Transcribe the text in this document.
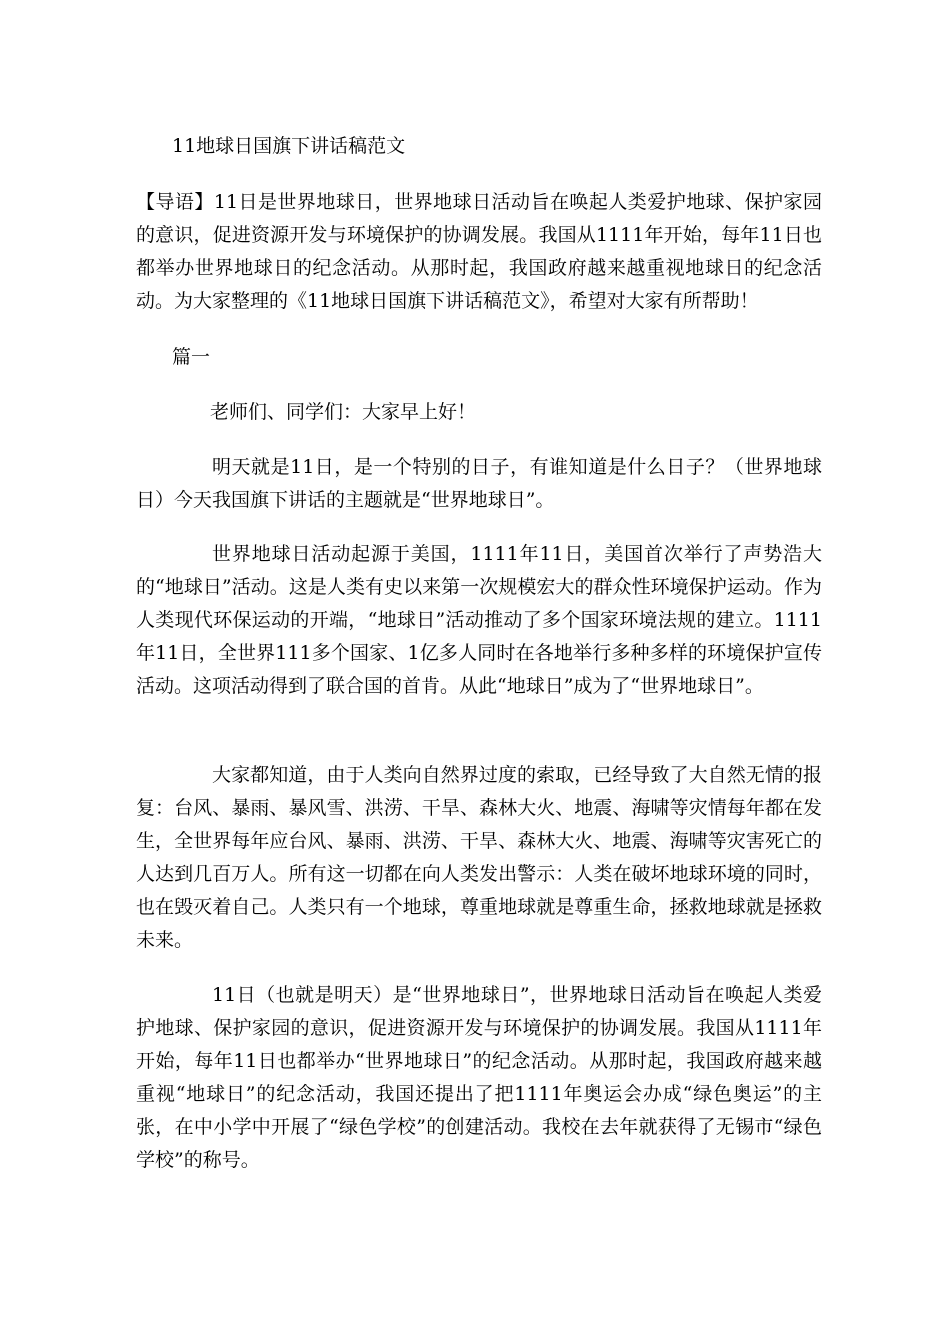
11地球日国旗下讲话稿范文

【导语】11日是世界地球日，世界地球日活动旨在唤起人类爱护地球、保护家园的意识，促进资源开发与环境保护的协调发展。我国从1111年开始，每年11日也都举办世界地球日的纪念活动。从那时起，我国政府越来越重视地球日的纪念活动。为大家整理的《11地球日国旗下讲话稿范文》，希望对大家有所帮助！

篇一

老师们、同学们：大家早上好！

明天就是11日，是一个特别的日子，有谁知道是什么日子？（世界地球日）今天我国旗下讲话的主题就是“世界地球日”。

世界地球日活动起源于美国，1111年11日，美国首次举行了声势浩大的“地球日”活动。这是人类有史以来第一次规模宏大的群众性环境保护运动。作为人类现代环保运动的开端，“地球日”活动推动了多个国家环境法规的建立。1111年11日，全世界111多个国家、1亿多人同时在各地举行多种多样的环境保护宣传活动。这项活动得到了联合国的首肯。从此“地球日”成为了“世界地球日”。

大家都知道，由于人类向自然界过度的索取，已经导致了大自然无情的报复：台风、暴雨、暴风雪、洪涝、干旱、森林大火、地震、海啸等灾情每年都在发生，全世界每年应台风、暴雨、洪涝、干旱、森林大火、地震、海啸等灾害死亡的人达到几百万人。所有这一切都在向人类发出警示：人类在破坏地球环境的同时，也在毁灭着自己。人类只有一个地球，尊重地球就是尊重生命，拯救地球就是拯救未来。

11日（也就是明天）是“世界地球日”，世界地球日活动旨在唤起人类爱护地球、保护家园的意识，促进资源开发与环境保护的协调发展。我国从1111年开始，每年11日也都举办“世界地球日”的纪念活动。从那时起，我国政府越来越重视“地球日”的纪念活动，我国还提出了把1111年奥运会办成“绿色奥运”的主张，在中小学中开展了“绿色学校”的创建活动。我校在去年就获得了无锡市“绿色学校”的称号。
